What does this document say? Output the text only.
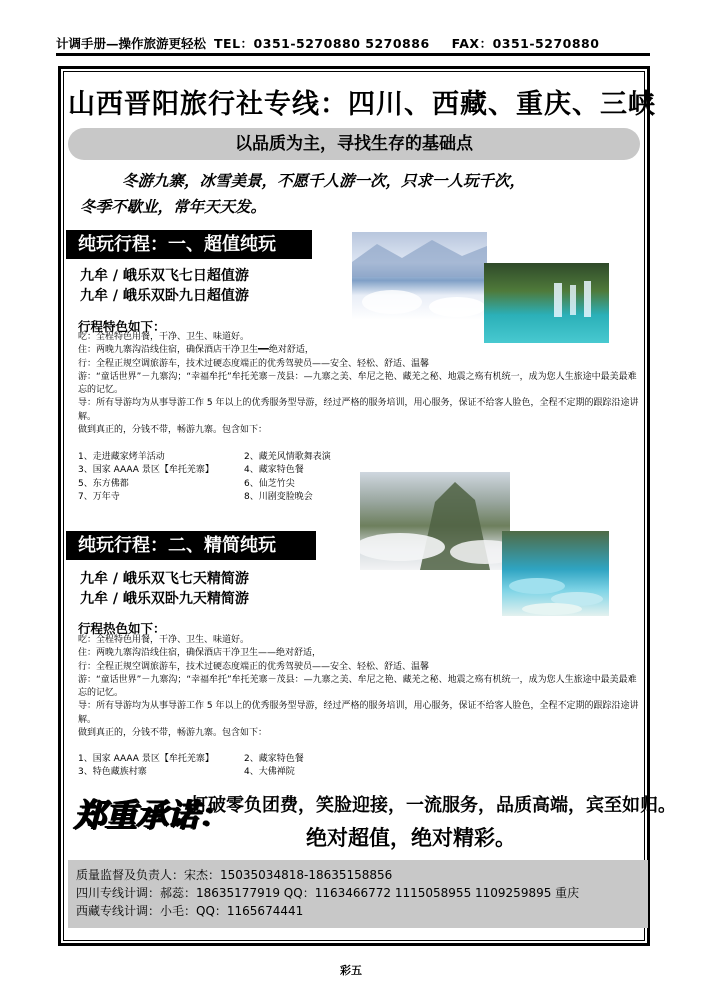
计调手册—操作旅游更轻松 TEL：0351-5270880 5270886 FAX：0351-5270880
山西晋阳旅行社专线：四川、西藏、重庆、三峡
以品质为主，寻找生存的基础点
冬游九寨，冰雪美景，不愿千人游一次，只求一人玩千次，
冬季不歇业，常年天天发。
纯玩行程：一、超值纯玩
九牟 / 峨乐双飞七日超值游
九牟 / 峨乐双卧九日超值游
行程特色如下：
吃：全程特色用餐，干净、卫生、味道好。
住：两晚九寨沟沿线住宿，确保酒店干净卫生━━绝对舒适，
行：全程正规空调旅游车，技术过硬态度端正的优秀驾驶员——安全、轻松、舒适、温馨
游：“童话世界”－九寨沟；“幸福牟托”牟托羌寨－茂县：—九寨之美、牟尼之艳、藏羌之秘、地震之殇有机统一，成为您人生旅途中最美最难忘的记忆。
导：所有导游均为从事导游工作 5 年以上的优秀服务型导游，经过严格的服务培训，用心服务，保证不给客人脸色，全程不定期的跟踪沿途讲解。
做到真正的，分钱不带，畅游九寨。包含如下：
1、走进藏家烤羊活动	2、藏羌风情歌舞表演
3、国家 AAAA 景区【牟托羌寨】	4、藏家特色餐
5、东方佛都	6、仙芝竹尖
7、万年寺	8、川剧变脸晚会
纯玩行程：二、精简纯玩
九牟 / 峨乐双飞七天精简游
九牟 / 峨乐双卧九天精简游
行程热色如下：
吃：全程特色用餐，干净、卫生、味道好。
住：两晚九寨沟沿线住宿，确保酒店干净卫生——绝对舒适，
行：全程正规空调旅游车，技术过硬态度端正的优秀驾驶员——安全、轻松、舒适、温馨
游：“童话世界”－九寨沟；“幸福牟托”牟托羌寨－茂县：—九寨之美、牟尼之艳、藏羌之秘、地震之殇有机统一，成为您人生旅途中最美最难忘的记忆。
导：所有导游均为从事导游工作 5 年以上的优秀服务型导游，经过严格的服务培训，用心服务，保证不给客人脸色，全程不定期的跟踪沿途讲解。
做到真正的，分钱不带，畅游九寨。包含如下：
1、国家 AAAA 景区【牟托羌寨】	2、藏家特色餐
3、特色藏族村寨	4、大佛禅院
郑重承诺：
打破零负团费，笑脸迎接，一流服务，品质高端，宾至如归。
绝对超值，绝对精彩。
质量监督及负责人：宋杰：15035034818-18635158856
四川专线计调：郝蕊：18635177919 QQ：1163466772 1115058955 1109259895 重庆
西藏专线计调：小毛：QQ：1165674441
彩五
